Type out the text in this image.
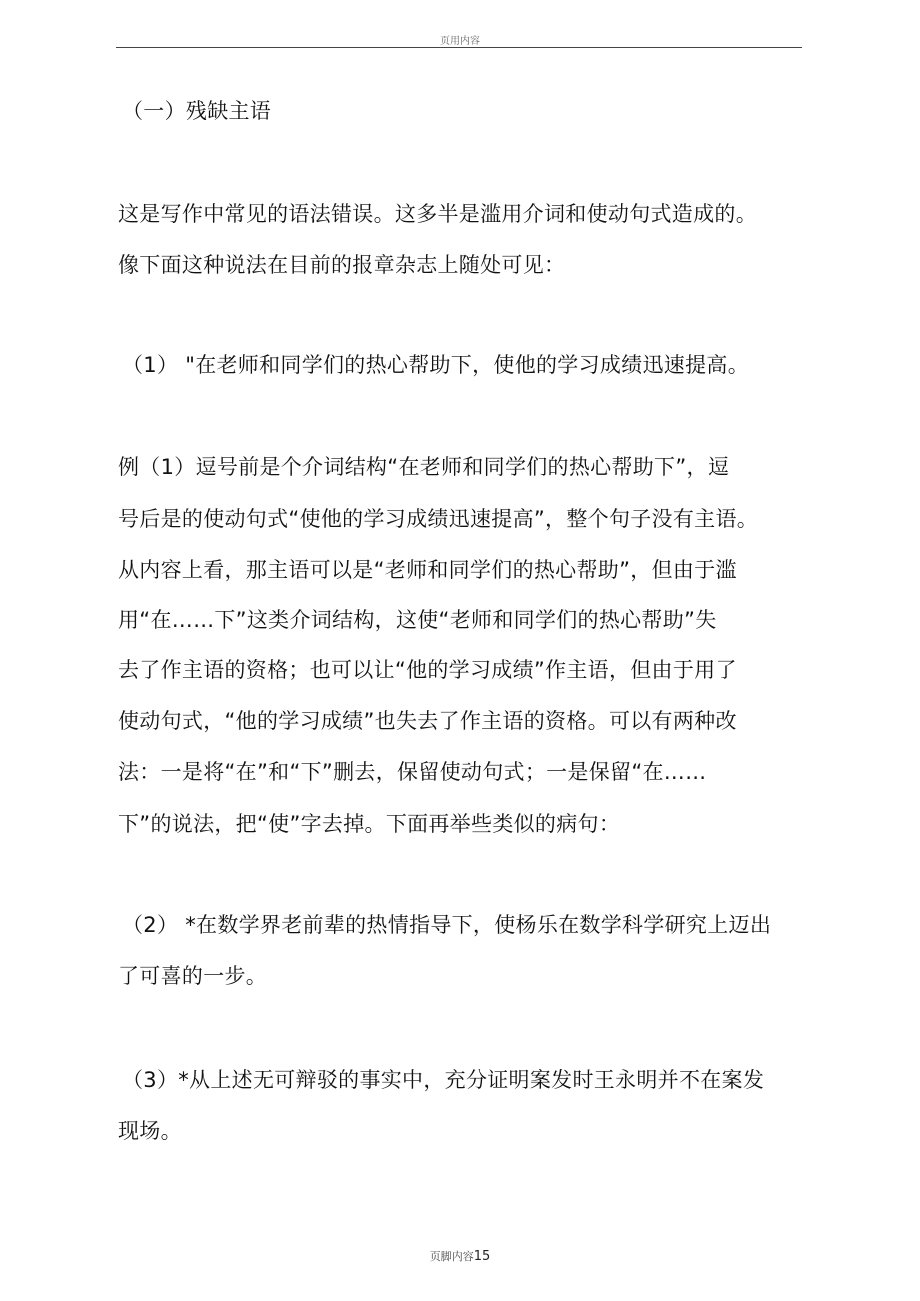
页用内容
（一）残缺主语
这是写作中常见的语法错误。这多半是滥用介词和使动句式造成的。
像下面这种说法在目前的报章杂志上随处可见：
（1） "在老师和同学们的热心帮助下，使他的学习成绩迅速提高。
例（1）逗号前是个介词结构“在老师和同学们的热心帮助下”，逗
号后是的使动句式“使他的学习成绩迅速提高”，整个句子没有主语。
从内容上看，那主语可以是“老师和同学们的热心帮助”，但由于滥
用“在……下”这类介词结构，这使“老师和同学们的热心帮助”失
去了作主语的资格；也可以让“他的学习成绩”作主语，但由于用了
使动句式，“他的学习成绩”也失去了作主语的资格。可以有两种改
法：一是将“在”和“下”删去，保留使动句式；一是保留“在……
下”的说法，把“使”字去掉。下面再举些类似的病句：
（2） *在数学界老前辈的热情指导下，使杨乐在数学科学研究上迈出
了可喜的一步。
（3）*从上述无可辩驳的事实中，充分证明案发时王永明并不在案发
现场。
页脚内容15
